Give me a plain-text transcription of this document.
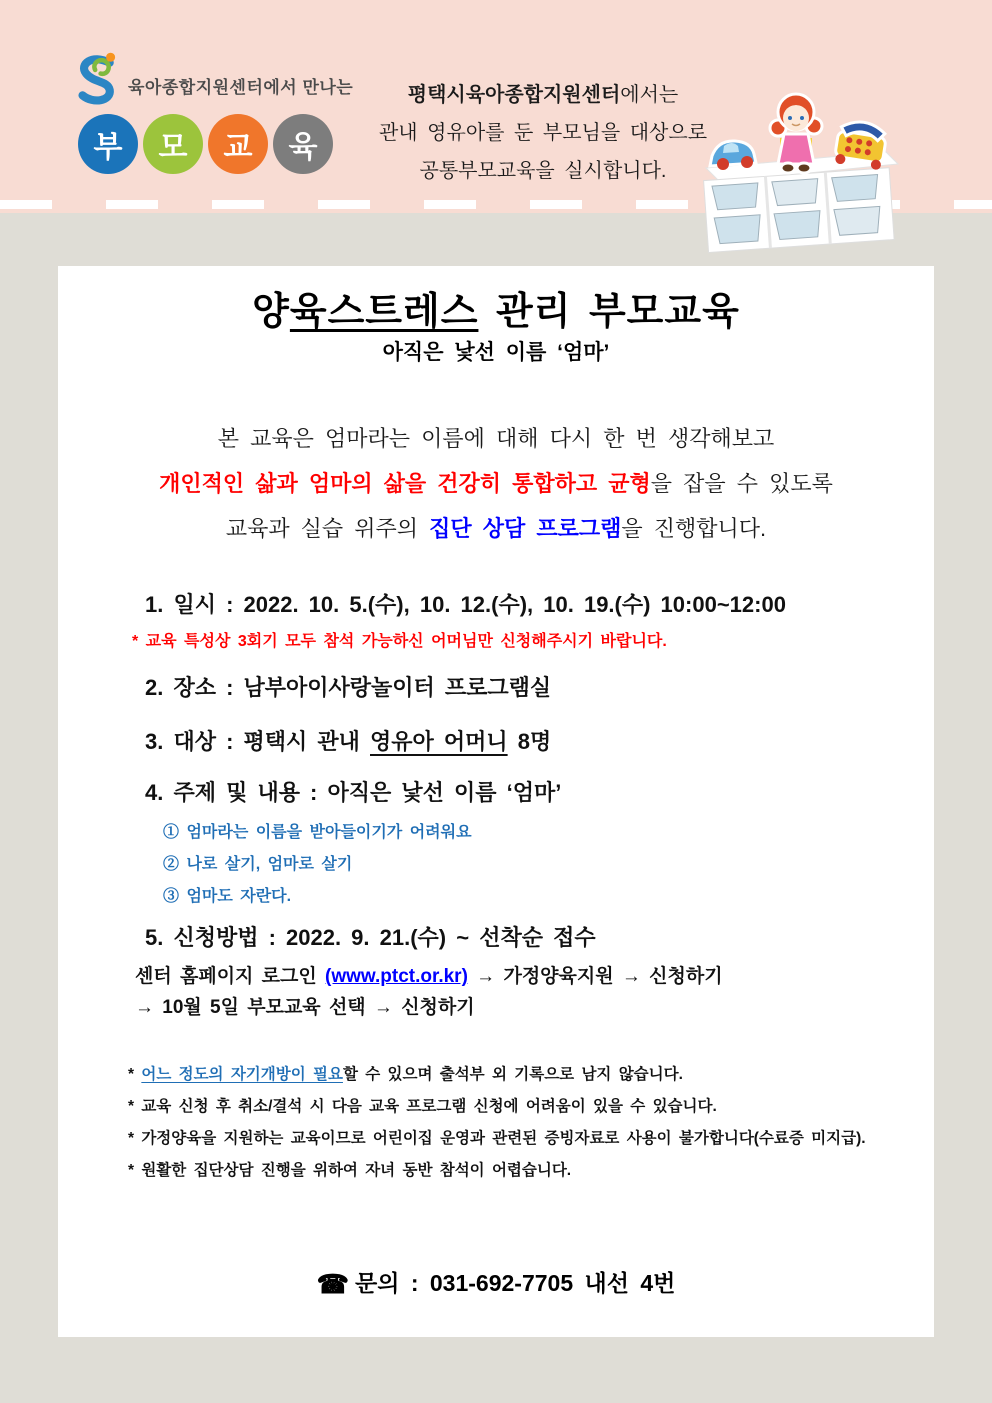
육아종합지원센터에서 만나는
부	모	교	육
평택시육아종합지원센터에서는
관내 영유아를 둔 부모님을 대상으로
공통부모교육을 실시합니다.
양육스트레스 관리 부모교육
아직은 낯선 이름 ‘엄마’
본 교육은 엄마라는 이름에 대해 다시 한 번 생각해보고
개인적인 삶과 엄마의 삶을 건강히 통합하고 균형을 잡을 수 있도록
교육과 실습 위주의 집단 상담 프로그램을 진행합니다.
1. 일시 : 2022. 10. 5.(수), 10. 12.(수), 10. 19.(수) 10:00~12:00
* 교육 특성상 3회기 모두 참석 가능하신 어머님만 신청해주시기 바랍니다.
2. 장소 : 남부아이사랑놀이터 프로그램실
3. 대상 : 평택시 관내 영유아 어머니 8명
4. 주제 및 내용 : 아직은 낯선 이름 ‘엄마’
① 엄마라는 이름을 받아들이기가 어려워요
② 나로 살기, 엄마로 살기
③ 엄마도 자란다.
5. 신청방법 : 2022. 9. 21.(수) ~ 선착순 접수
센터 홈페이지 로그인 (www.ptct.or.kr) → 가정양육지원 → 신청하기
→ 10월 5일 부모교육 선택 → 신청하기
* 어느 정도의 자기개방이 필요할 수 있으며 출석부 외 기록으로 남지 않습니다.
* 교육 신청 후 취소/결석 시 다음 교육 프로그램 신청에 어려움이 있을 수 있습니다.
* 가정양육을 지원하는 교육이므로 어린이집 운영과 관련된 증빙자료로 사용이 불가합니다(수료증 미지급).
* 원활한 집단상담 진행을 위하여 자녀 동반 참석이 어렵습니다.
☎ 문의 : 031-692-7705 내선 4번
